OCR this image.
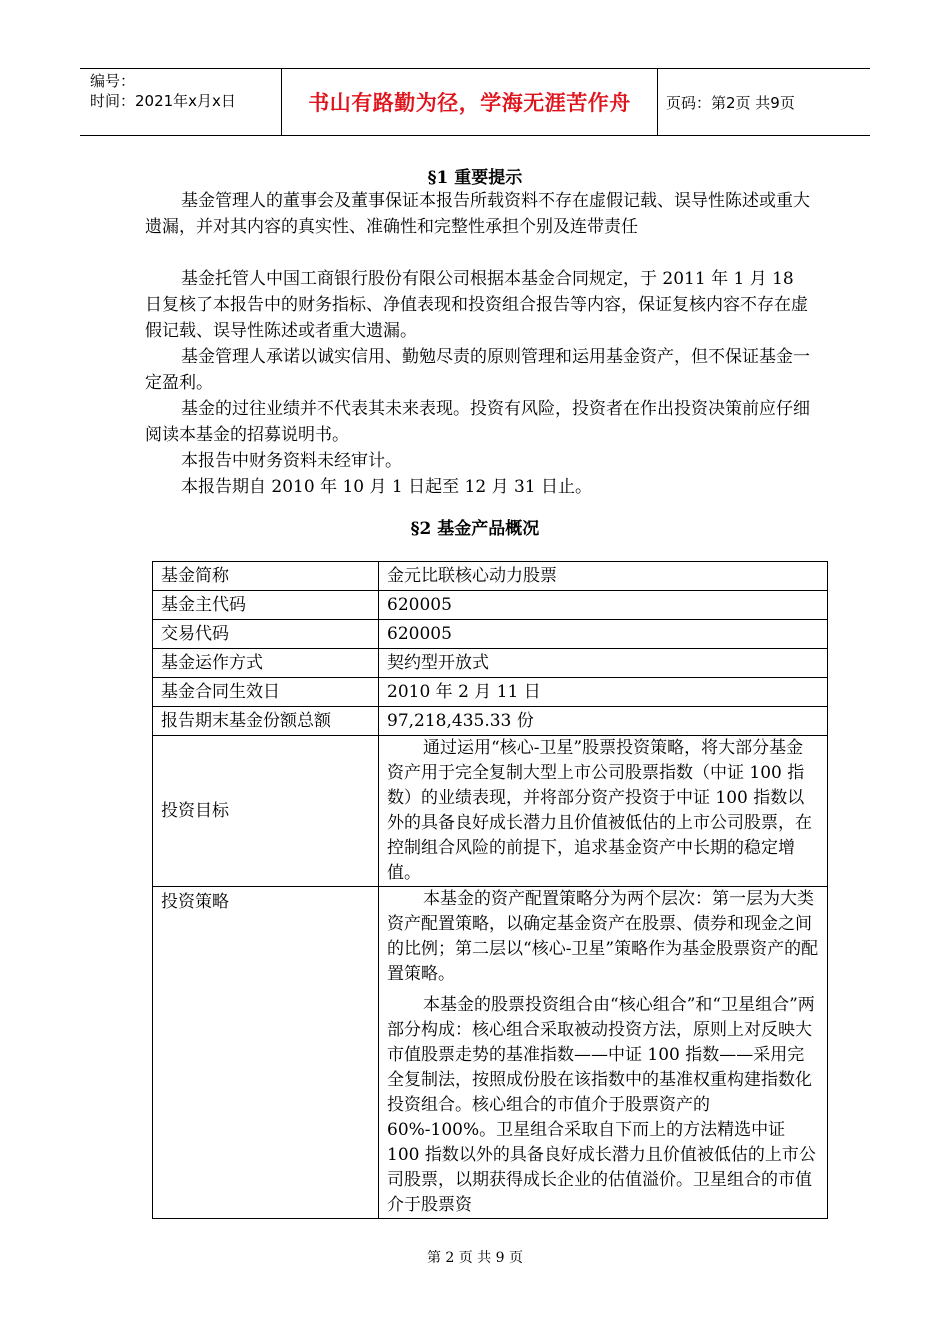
编号：
时间：2021年x月x日	书山有路勤为径，学海无涯苦作舟	页码：第2页 共9页
§1 重要提示

基金管理人的董事会及董事保证本报告所载资料不存在虚假记载、误导性陈述或重大遗漏，并对其内容的真实性、准确性和完整性承担个别及连带责任

基金托管人中国工商银行股份有限公司根据本基金合同规定，于 2011 年 1 月 18 日复核了本报告中的财务指标、净值表现和投资组合报告等内容，保证复核内容不存在虚假记载、误导性陈述或者重大遗漏。

基金管理人承诺以诚实信用、勤勉尽责的原则管理和运用基金资产，但不保证基金一定盈利。

基金的过往业绩并不代表其未来表现。投资有风险，投资者在作出投资决策前应仔细阅读本基金的招募说明书。

本报告中财务资料未经审计。

本报告期自 2010 年 10 月 1 日起至 12 月 31 日止。

§2 基金产品概况
基金简称	金元比联核心动力股票
基金主代码	620005
交易代码	620005
基金运作方式	契约型开放式
基金合同生效日	2010 年 2 月 11 日
报告期末基金份额总额	97,218,435.33 份
投资目标	通过运用“核心-卫星”股票投资策略，将大部分基金资产用于完全复制大型上市公司股票指数（中证 100 指数）的业绩表现，并将部分资产投资于中证 100 指数以外的具备良好成长潜力且价值被低估的上市公司股票，在控制组合风险的前提下，追求基金资产中长期的稳定增值。

投资策略	本基金的资产配置策略分为两个层次：第一层为大类资产配置策略，以确定基金资产在股票、债券和现金之间的比例；第二层以“核心-卫星”策略作为基金股票资产的配置策略。

本基金的股票投资组合由“核心组合”和“卫星组合”两部分构成：核心组合采取被动投资方法，原则上对反映大市值股票走势的基准指数——中证 100 指数——采用完全复制法，按照成份股在该指数中的基准权重构建指数化投资组合。核心组合的市值介于股票资产的 60%-100%。卫星组合采取自下而上的方法精选中证 100 指数以外的具备良好成长潜力且价值被低估的上市公司股票，以期获得成长企业的估值溢价。卫星组合的市值介于股票资

第 2 页 共 9 页
